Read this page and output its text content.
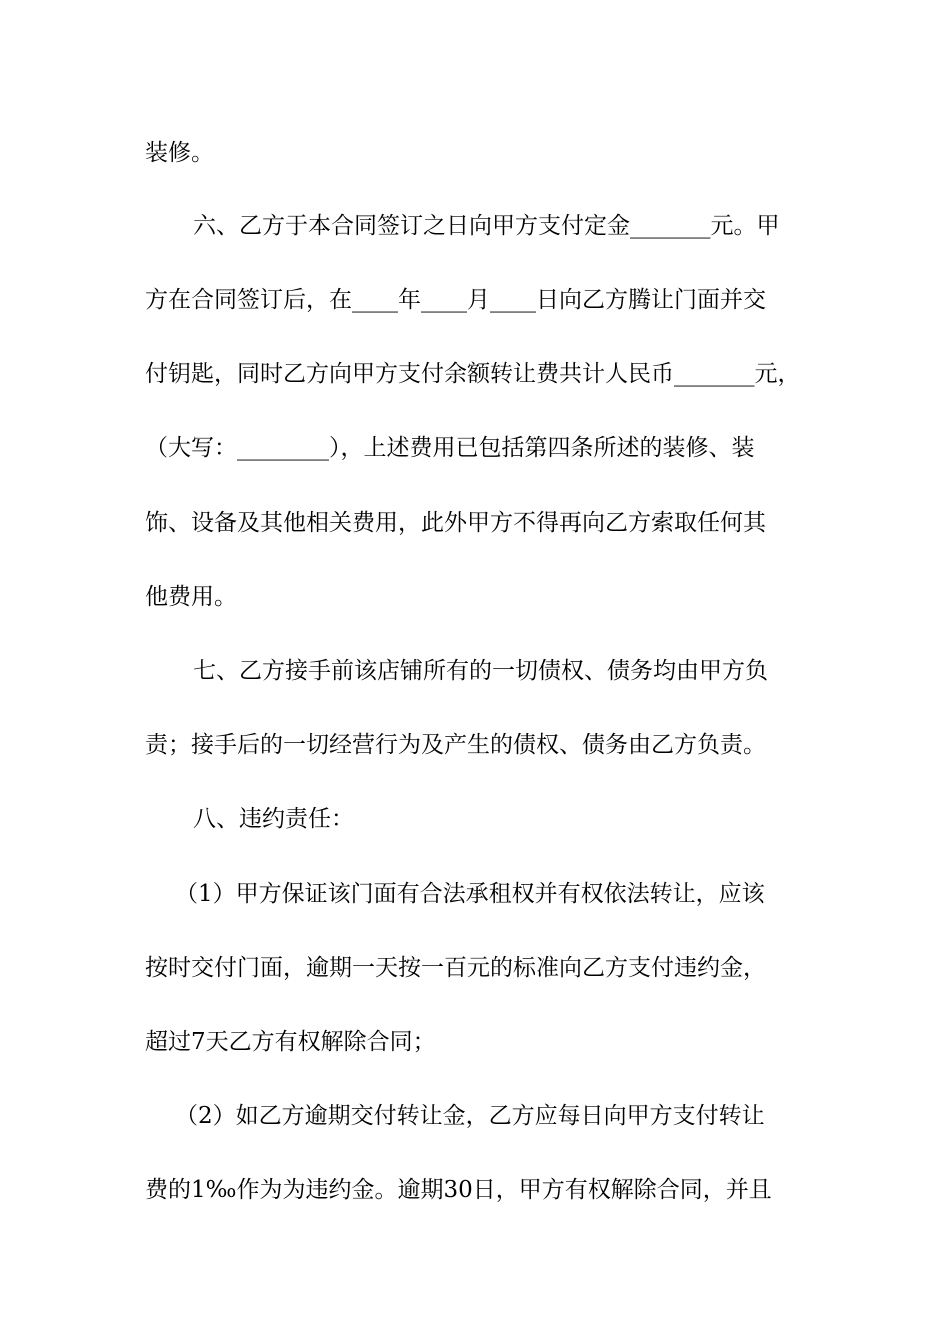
装修。

六、乙方于本合同签订之日向甲方支付定金_______元。甲

方在合同签订后，在____年____月____日向乙方腾让门面并交

付钥匙，同时乙方向甲方支付余额转让费共计人民币_______元，

（大写：________），上述费用已包括第四条所述的装修、装

饰、设备及其他相关费用，此外甲方不得再向乙方索取任何其

他费用。

七、乙方接手前该店铺所有的一切债权、债务均由甲方负

责；接手后的一切经营行为及产生的债权、债务由乙方负责。

八、违约责任：

（1）甲方保证该门面有合法承租权并有权依法转让，应该

按时交付门面，逾期一天按一百元的标准向乙方支付违约金，

超过7天乙方有权解除合同；

（2）如乙方逾期交付转让金，乙方应每日向甲方支付转让

费的1‰作为为违约金。逾期30日，甲方有权解除合同，并且
